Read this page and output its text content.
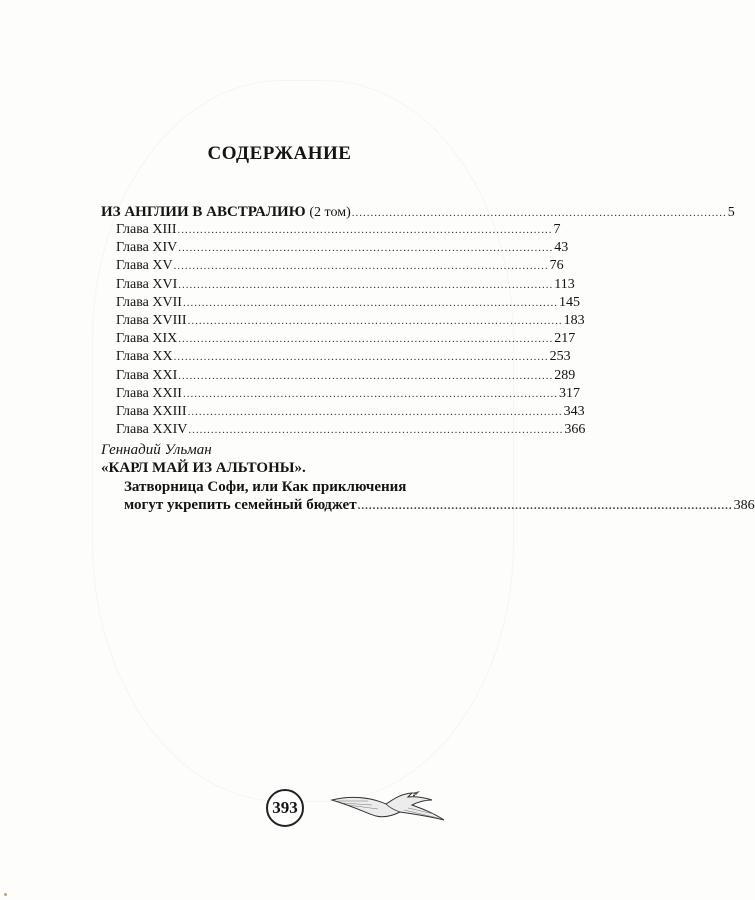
СОДЕРЖАНИЕ
ИЗ АНГЛИИ В АВСТРАЛИЮ (2 том) .................................................................................................... 5
Глава XIII .................................................................................................... 7
Глава XIV .................................................................................................... 43
Глава XV .................................................................................................... 76
Глава XVI .................................................................................................... 113
Глава XVII .................................................................................................... 145
Глава XVIII .................................................................................................... 183
Глава XIX .................................................................................................... 217
Глава XX .................................................................................................... 253
Глава XXI .................................................................................................... 289
Глава XXII .................................................................................................... 317
Глава XXIII .................................................................................................... 343
Глава XXIV .................................................................................................... 366
Геннадий Ульман
«КАРЛ МАЙ ИЗ АЛЬТОНЫ».
Затворница Софи, или Как приключения
могут укрепить семейный бюджет .................................................................................................... 386
393
